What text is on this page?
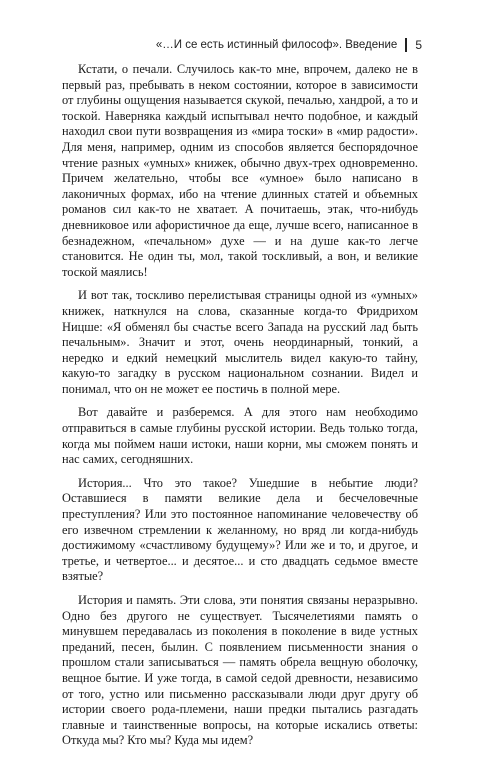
«…И се есть истинный философ». Введение 5

Кстати, о печали. Случилось как-то мне, впрочем, далеко не в первый раз, пребывать в неком состоянии, которое в зависимости от глубины ощущения называется скукой, печалью, хандрой, а то и тоской. Наверняка каждый испытывал нечто подобное, и каждый находил свои пути возвращения из «мира тоски» в «мир радости». Для меня, например, одним из способов является беспорядочное чтение разных «умных» книжек, обычно двух-трех одновременно. Причем желательно, чтобы все «умное» было написано в лаконичных формах, ибо на чтение длинных статей и объемных романов сил как-то не хватает. А почитаешь, этак, что-нибудь дневниковое или афористичное да еще, лучше всего, написанное в безнадежном, «печальном» духе — и на душе как-то легче становится. Не один ты, мол, такой тоскливый, а вон, и великие тоской маялись!

И вот так, тоскливо перелистывая страницы одной из «умных» книжек, наткнулся на слова, сказанные когда-то Фридрихом Ницше: «Я обменял бы счастье всего Запада на русский лад быть печальным». Значит и этот, очень неординарный, тонкий, а нередко и едкий немецкий мыслитель видел какую-то тайну, какую-то загадку в русском национальном сознании. Видел и понимал, что он не может ее постичь в полной мере.

Вот давайте и разберемся. А для этого нам необходимо отправиться в самые глубины русской истории. Ведь только тогда, когда мы поймем наши истоки, наши корни, мы сможем понять и нас самих, сегодняшних.

История... Что это такое? Ушедшие в небытие люди? Оставшиеся в памяти великие дела и бесчеловечные преступления? Или это постоянное напоминание человечеству об его извечном стремлении к желанному, но вряд ли когда-нибудь достижимому «счастливому будущему»? Или же и то, и другое, и третье, и четвертое... и десятое... и сто двадцать седьмое вместе взятые?

История и память. Эти слова, эти понятия связаны неразрывно. Одно без другого не существует. Тысячелетиями память о минувшем передавалась из поколения в поколение в виде устных преданий, песен, былин. С появлением письменности знания о прошлом стали записываться — память обрела вещную оболочку, вещное бытие. И уже тогда, в самой седой древности, независимо от того, устно или письменно рассказывали люди друг другу об истории своего рода-племени, наши предки пытались разгадать главные и таинственные вопросы, на которые искались ответы: Откуда мы? Кто мы? Куда мы идем?
